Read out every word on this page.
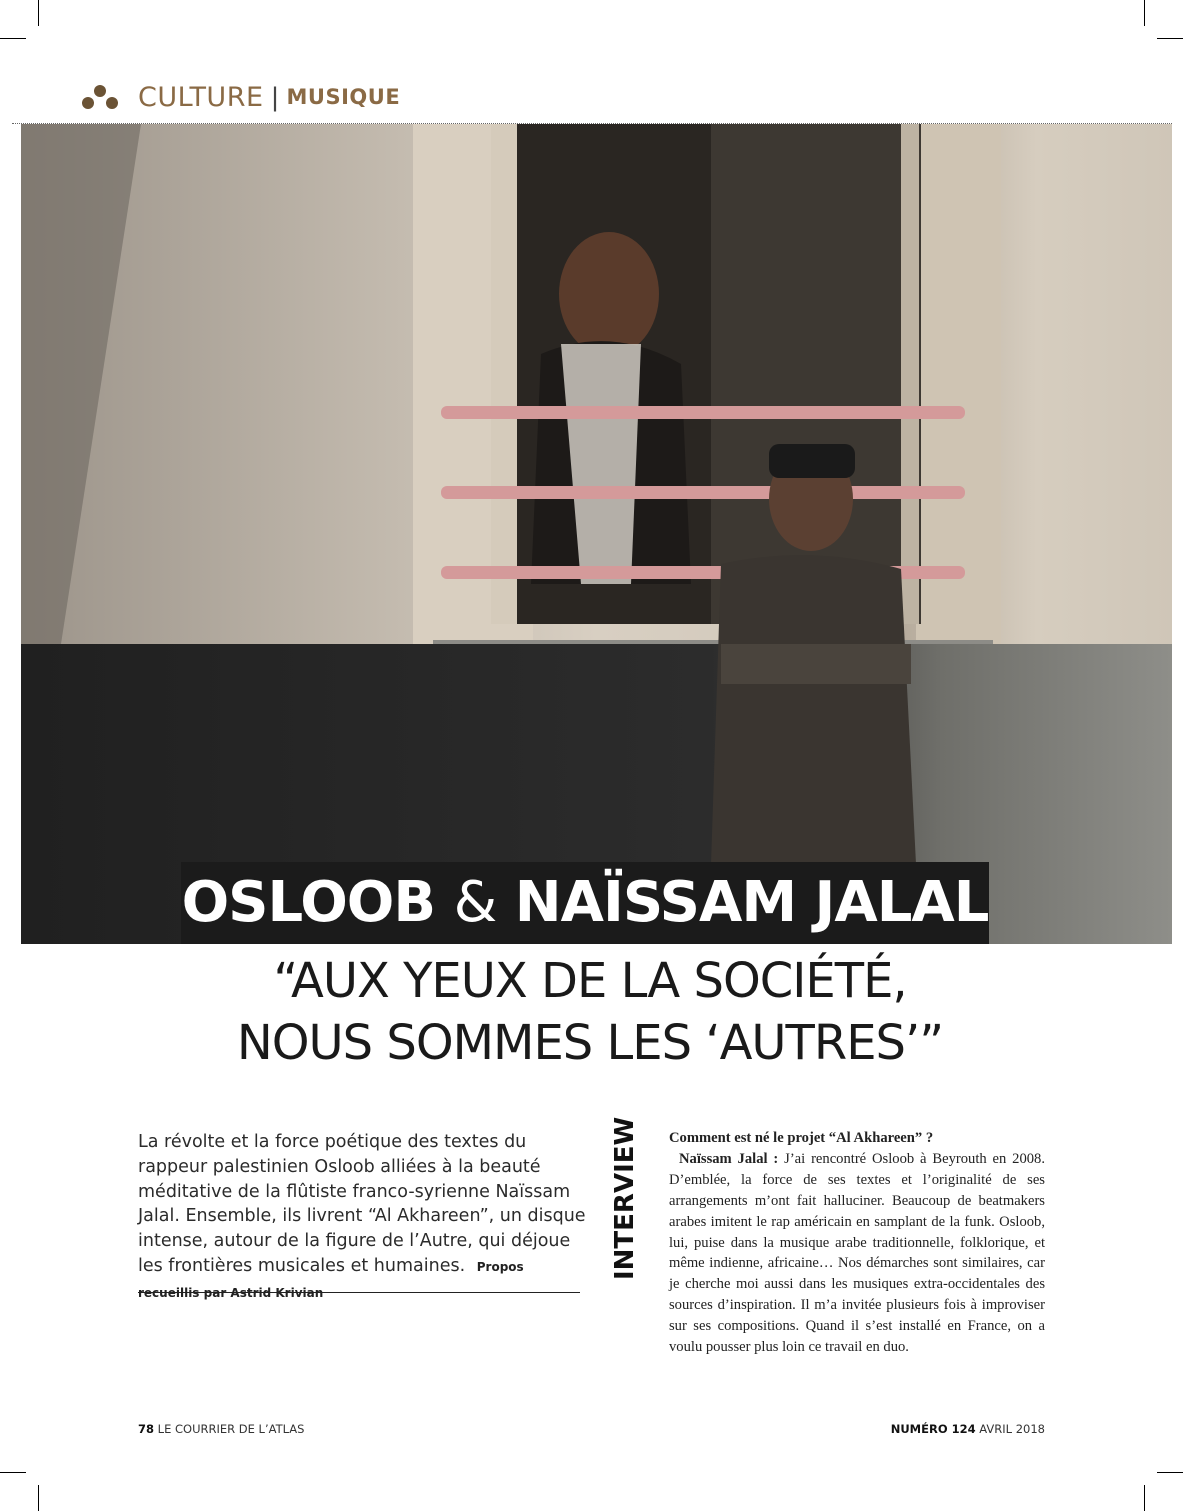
CULTURE | MUSIQUE
OSLOOB & NAÏSSAM JALAL
“AUX YEUX DE LA SOCIÉTÉ,
NOUS SOMMES LES ‘AUTRES’”
La révolte et la force poétique des textes du rappeur palestinien Osloob alliées à la beauté méditative de la flûtiste franco-syrienne Naïssam Jalal. Ensemble, ils livrent “Al Akhareen”, un disque intense, autour de la figure de l’Autre, qui déjoue les frontières musicales et humaines. Propos recueillis par Astrid Krivian
INTERVIEW Comment est né le projet “Al Akhareen” ?

Naïssam Jalal : J’ai rencontré Osloob à Beyrouth en 2008. D’emblée, la force de ses textes et l’originalité de ses arrangements m’ont fait halluciner. Beaucoup de beatmakers arabes imitent le rap américain en samplant de la funk. Osloob, lui, puise dans la musique arabe traditionnelle, folklorique, et même indienne, africaine… Nos démarches sont similaires, car je cherche moi aussi dans les musiques extra-occidentales des sources d’inspiration. Il m’a invitée plusieurs fois à improviser sur ses compositions. Quand il s’est installé en France, on a voulu pousser plus loin ce travail en duo.

78 LE COURRIER DE L’ATLAS	NUMÉRO 124 AVRIL 2018
